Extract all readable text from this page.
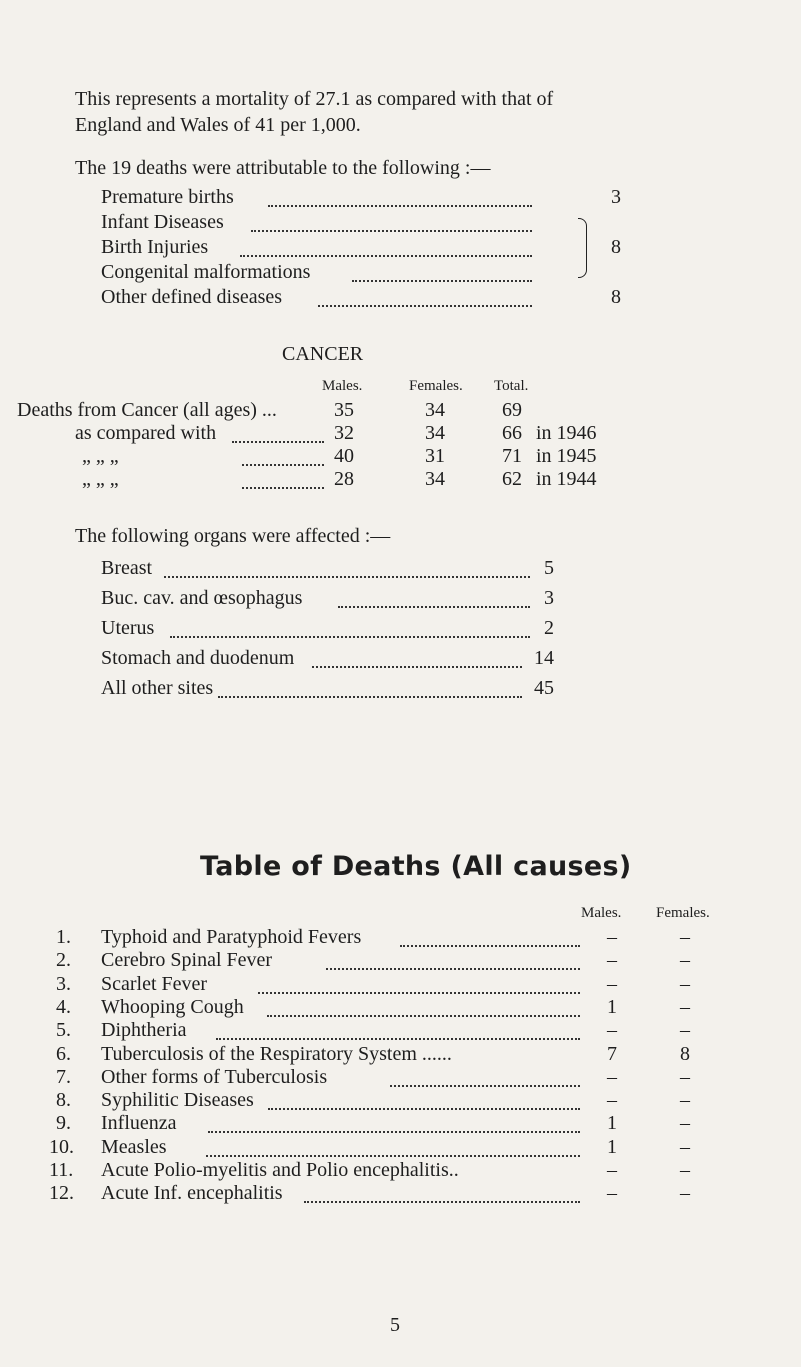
This represents a mortality of 27.1 as compared with that of
England and Wales of 41 per 1,000.
The 19 deaths were attributable to the following :—
Premature births	3
Infant Diseases
Birth Injuries	8
Congenital malformations
Other defined diseases	8
CANCER
Males.	Females. Total.
Deaths from Cancer (all ages) ...	35	34	69
as compared with	32	34	66 in 1946
„ „ „	40	31	71 in 1945
„ „ „	28	34	62 in 1944
The following organs were affected :—
Breast	5
Buc. cav. and œsophagus	3
Uterus	2
Stomach and duodenum	14
All other sites	45
Table of Deaths (All causes)
Males. Females.
1. Typhoid and Paratyphoid Fevers	–	–
2. Cerebro Spinal Fever	–	–
3. Scarlet Fever	–	–
4. Whooping Cough	1	–
5. Diphtheria	–	–
6. Tuberculosis of the Respiratory System ......	7	8
7. Other forms of Tuberculosis	–	–
8. Syphilitic Diseases	–	–
9. Influenza	1	–
10. Measles	1	–
11. Acute Polio-myelitis and Polio encephalitis..	–	–
12. Acute Inf. encephalitis	–	–
5
